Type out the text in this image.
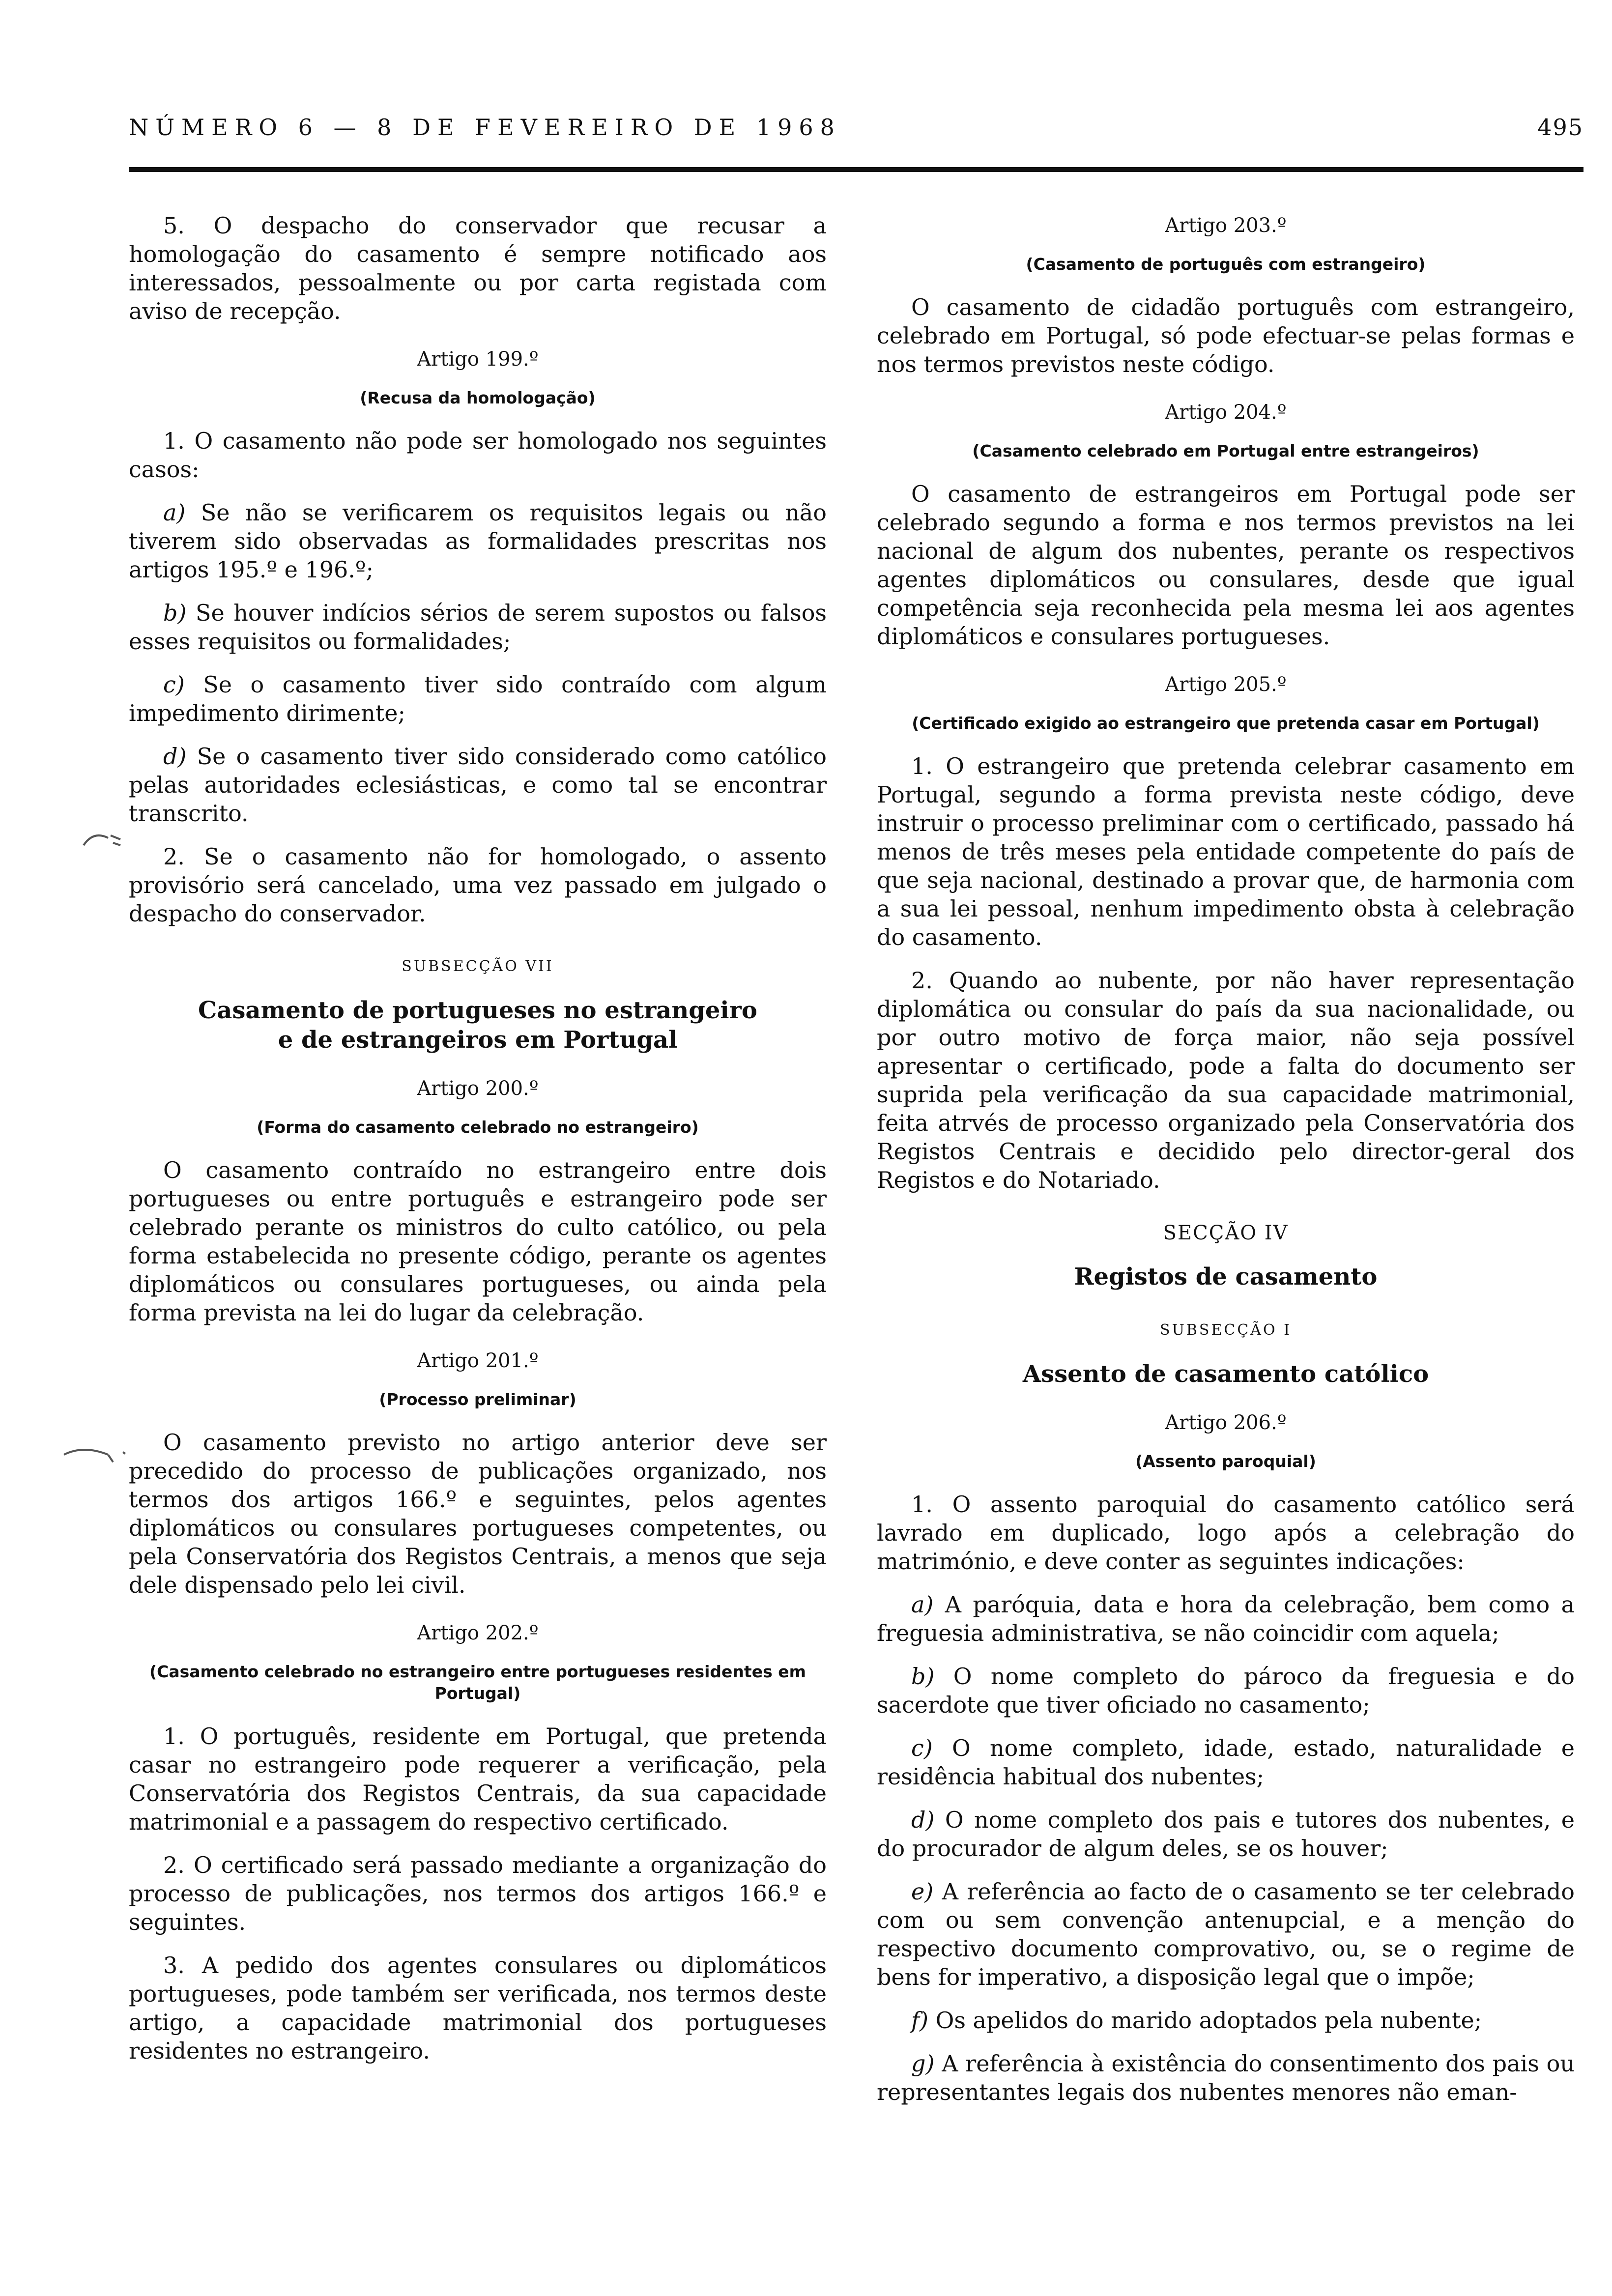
NÚMERO 6 — 8 DE FEVEREIRO DE 1968	495

5. O despacho do conservador que recusar a homologação do casamento é sempre notificado aos interessados, pessoalmente ou por carta registada com aviso de recepção.

Artigo 199.º
(Recusa da homologação)

1. O casamento não pode ser homologado nos seguintes casos:

a) Se não se verificarem os requisitos legais ou não tiverem sido observadas as formalidades prescritas nos artigos 195.º e 196.º;

b) Se houver indícios sérios de serem supostos ou falsos esses requisitos ou formalidades;

c) Se o casamento tiver sido contraído com algum impedimento dirimente;

d) Se o casamento tiver sido considerado como católico pelas autoridades eclesiásticas, e como tal se encontrar transcrito.

2. Se o casamento não for homologado, o assento provisório será cancelado, uma vez passado em julgado o despacho do conservador.

SUBSECÇÃO VII
Casamento de portugueses no estrangeiro
e de estrangeiros em Portugal
Artigo 200.º
(Forma do casamento celebrado no estrangeiro)

O casamento contraído no estrangeiro entre dois portugueses ou entre português e estrangeiro pode ser celebrado perante os ministros do culto católico, ou pela forma estabelecida no presente código, perante os agentes diplomáticos ou consulares portugueses, ou ainda pela forma prevista na lei do lugar da celebração.

Artigo 201.º
(Processo preliminar)

O casamento previsto no artigo anterior deve ser precedido do processo de publicações organizado, nos termos dos artigos 166.º e seguintes, pelos agentes diplomáticos ou consulares portugueses competentes, ou pela Conservatória dos Registos Centrais, a menos que seja dele dispensado pelo lei civil.

Artigo 202.º
(Casamento celebrado no estrangeiro entre portugueses residentes em Portugal)

1. O português, residente em Portugal, que pretenda casar no estrangeiro pode requerer a verificação, pela Conservatória dos Registos Centrais, da sua capacidade matrimonial e a passagem do respectivo certificado.

2. O certificado será passado mediante a organização do processo de publicações, nos termos dos artigos 166.º e seguintes.

3. A pedido dos agentes consulares ou diplomáticos portugueses, pode também ser verificada, nos termos deste artigo, a capacidade matrimonial dos portugueses residentes no estrangeiro.

Artigo 203.º
(Casamento de português com estrangeiro)

O casamento de cidadão português com estrangeiro, celebrado em Portugal, só pode efectuar-se pelas formas e nos termos previstos neste código.

Artigo 204.º
(Casamento celebrado em Portugal entre estrangeiros)

O casamento de estrangeiros em Portugal pode ser celebrado segundo a forma e nos termos previstos na lei nacional de algum dos nubentes, perante os respectivos agentes diplomáticos ou consulares, desde que igual competência seja reconhecida pela mesma lei aos agentes diplomáticos e consulares portugueses.

Artigo 205.º
(Certificado exigido ao estrangeiro que pretenda casar em Portugal)

1. O estrangeiro que pretenda celebrar casamento em Portugal, segundo a forma prevista neste código, deve instruir o processo preliminar com o certificado, passado há menos de três meses pela entidade competente do país de que seja nacional, destinado a provar que, de harmonia com a sua lei pessoal, nenhum impedimento obsta à celebração do casamento.

2. Quando ao nubente, por não haver representação diplomática ou consular do país da sua nacionalidade, ou por outro motivo de força maior, não seja possível apresentar o certificado, pode a falta do documento ser suprida pela verificação da sua capacidade matrimonial, feita atrvés de processo organizado pela Conservatória dos Registos Centrais e decidido pelo director-geral dos Registos e do Notariado.

SECÇÃO IV
Registos de casamento
SUBSECÇÃO I
Assento de casamento católico
Artigo 206.º
(Assento paroquial)

1. O assento paroquial do casamento católico será lavrado em duplicado, logo após a celebração do matrimónio, e deve conter as seguintes indicações:

a) A paróquia, data e hora da celebração, bem como a freguesia administrativa, se não coincidir com aquela;

b) O nome completo do pároco da freguesia e do sacerdote que tiver oficiado no casamento;

c) O nome completo, idade, estado, naturalidade e residência habitual dos nubentes;

d) O nome completo dos pais e tutores dos nubentes, e do procurador de algum deles, se os houver;

e) A referência ao facto de o casamento se ter celebrado com ou sem convenção antenupcial, e a menção do respectivo documento comprovativo, ou, se o regime de bens for imperativo, a disposição legal que o impõe;

f) Os apelidos do marido adoptados pela nubente;

g) A referência à existência do consentimento dos pais ou representantes legais dos nubentes menores não eman-
